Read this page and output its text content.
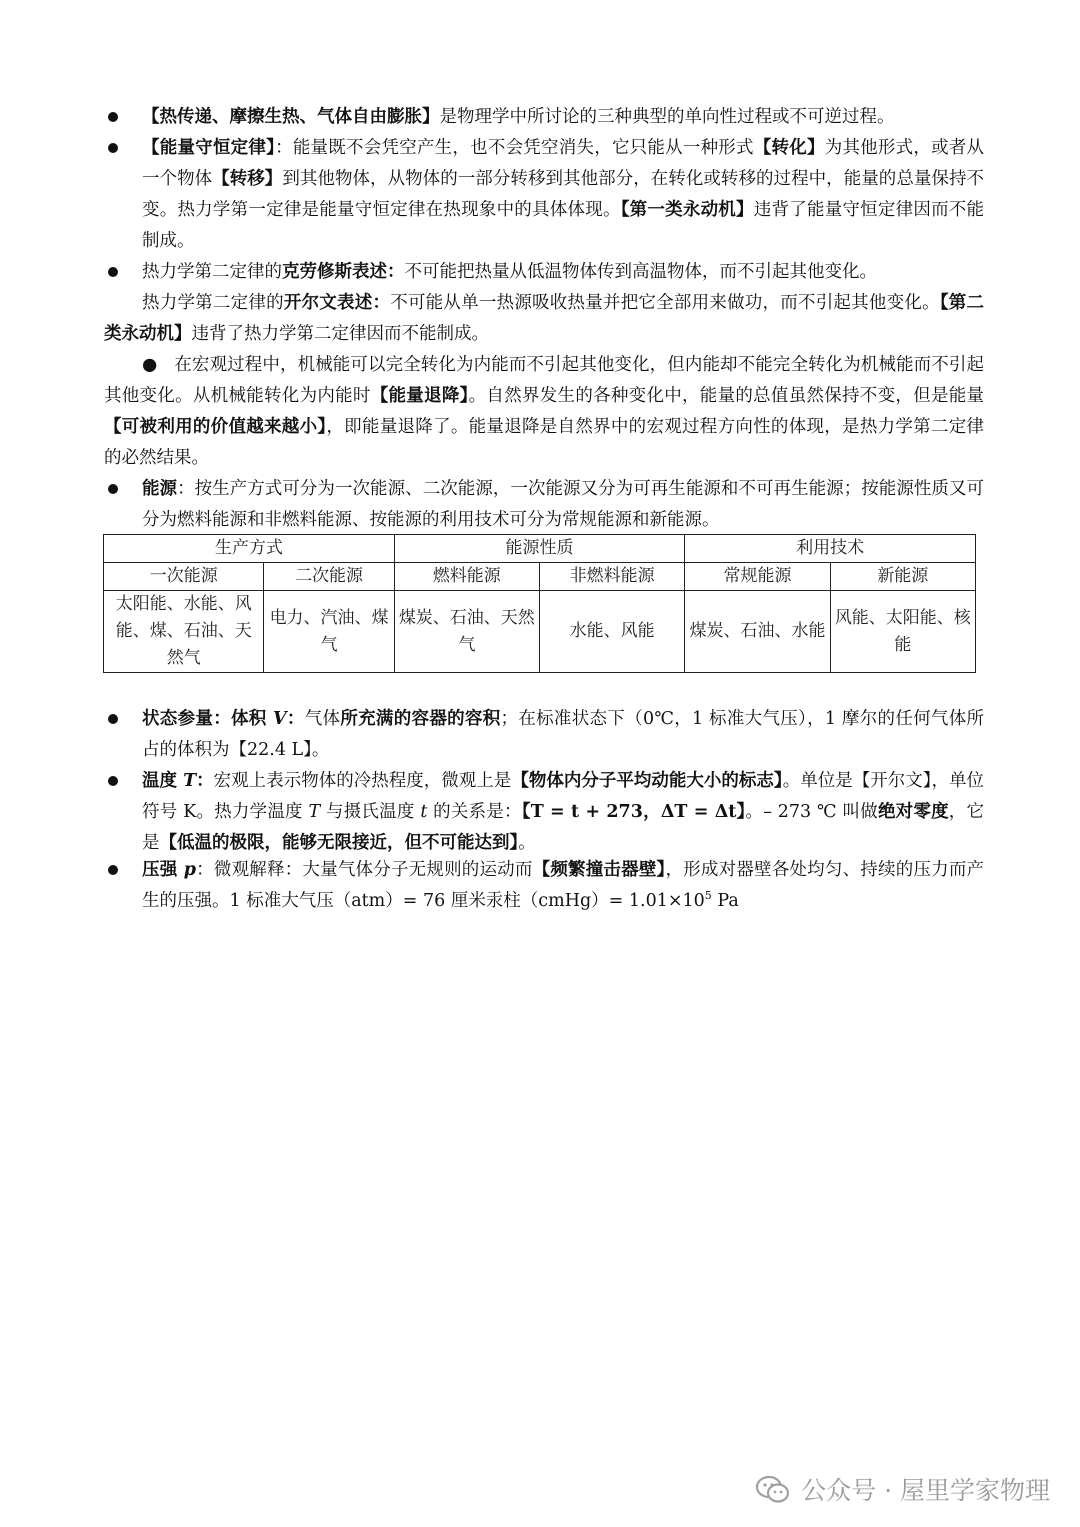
【热传递、摩擦生热、气体自由膨胀】是物理学中所讨论的三种典型的单向性过程或不可逆过程。
【能量守恒定律】：能量既不会凭空产生，也不会凭空消失，它只能从一种形式【转化】为其他形式，或者从一个物体【转移】到其他物体，从物体的一部分转移到其他部分，在转化或转移的过程中，能量的总量保持不变。热力学第一定律是能量守恒定律在热现象中的具体体现。【第一类永动机】违背了能量守恒定律因而不能制成。
热力学第二定律的克劳修斯表述：不可能把热量从低温物体传到高温物体，而不引起其他变化。
热力学第二定律的开尔文表述：不可能从单一热源吸收热量并把它全部用来做功，而不引起其他变化。【第二类永动机】违背了热力学第二定律因而不能制成。
● 在宏观过程中，机械能可以完全转化为内能而不引起其他变化，但内能却不能完全转化为机械能而不引起其他变化。从机械能转化为内能时【能量退降】。自然界发生的各种变化中，能量的总值虽然保持不变，但是能量【可被利用的价值越来越小】，即能量退降了。能量退降是自然界中的宏观过程方向性的体现，是热力学第二定律的必然结果。
能源：按生产方式可分为一次能源、二次能源，一次能源又分为可再生能源和不可再生能源；按能源性质又可分为燃料能源和非燃料能源、按能源的利用技术可分为常规能源和新能源。
生产方式		能源性质		利用技术	
一次能源	二次能源	燃料能源	非燃料能源	常规能源	新能源
太阳能、水能、风能、煤、石油、天然气	电力、汽油、煤气	煤炭、石油、天然气	水能、风能	煤炭、石油、水能	风能、太阳能、核能
状态参量：体积 V：气体所充满的容器的容积；在标准状态下（0℃，1 标准大气压），1 摩尔的任何气体所占的体积为【22.4 L】。
温度 T：宏观上表示物体的冷热程度，微观上是【物体内分子平均动能大小的标志】。单位是【开尔文】，单位符号 K。热力学温度 T 与摄氏温度 t 的关系是：【T = t + 273，ΔT = Δt】。– 273 ℃ 叫做绝对零度，它是【低温的极限，能够无限接近，但不可能达到】。
压强 p：微观解释：大量气体分子无规则的运动而【频繁撞击器壁】，形成对器壁各处均匀、持续的压力而产生的压强。1 标准大气压（atm）= 76 厘米汞柱（cmHg）= $1.01\times 10^5$ Pa
公众号 · 屋里学家物理
